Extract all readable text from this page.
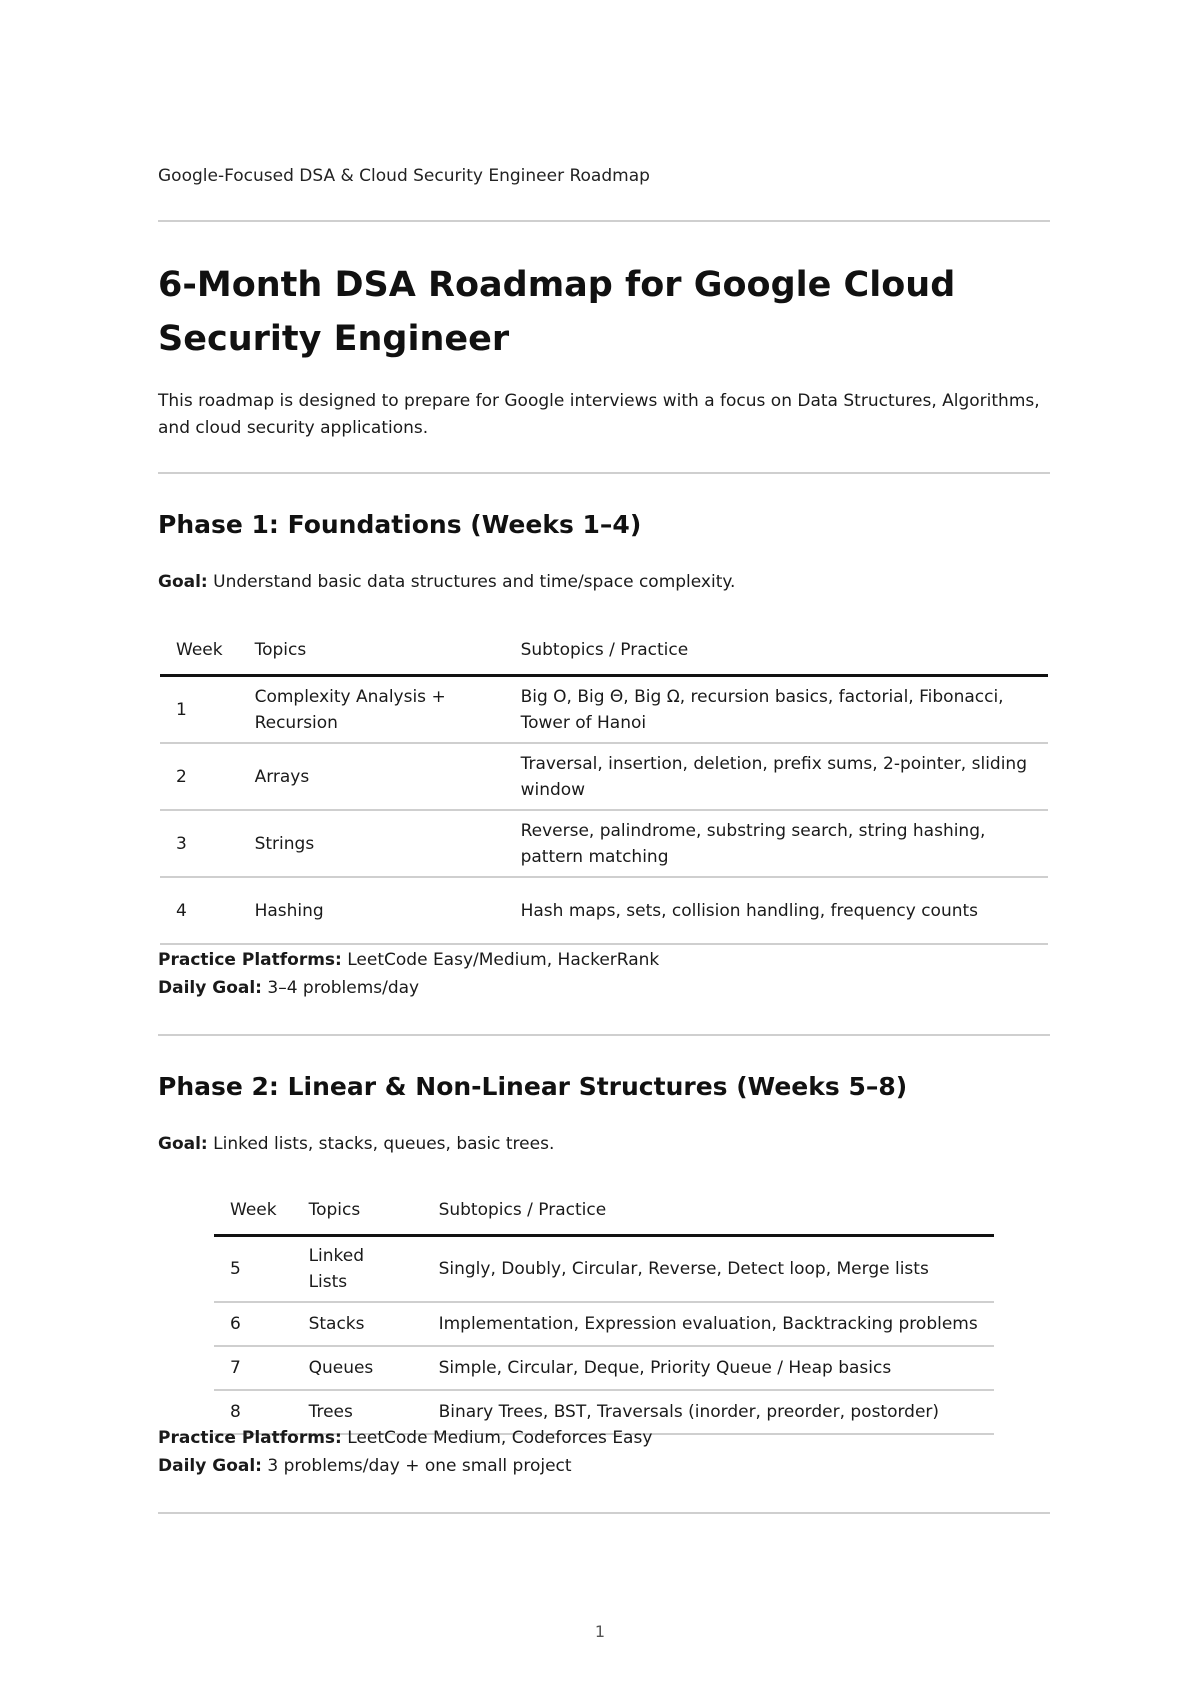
Google-Focused DSA & Cloud Security Engineer Roadmap
6-Month DSA Roadmap for Google Cloud Security Engineer

This roadmap is designed to prepare for Google interviews with a focus on Data Structures, Algorithms, and cloud security applications.

Phase 1: Foundations (Weeks 1–4)

Goal: Understand basic data structures and time/space complexity.

Week	Topics	Subtopics / Practice
1	Complexity Analysis + Recursion	Big O, Big Θ, Big Ω, recursion basics, factorial, Fibonacci, Tower of Hanoi
2	Arrays	Traversal, insertion, deletion, prefix sums, 2-pointer, sliding window
3	Strings	Reverse, palindrome, substring search, string hashing, pattern matching
4	Hashing	Hash maps, sets, collision handling, frequency counts

Practice Platforms: LeetCode Easy/Medium, HackerRank

Daily Goal: 3–4 problems/day

Phase 2: Linear & Non-Linear Structures (Weeks 5–8)

Goal: Linked lists, stacks, queues, basic trees.

Week	Topics	Subtopics / Practice
5	Linked Lists	Singly, Doubly, Circular, Reverse, Detect loop, Merge lists
6	Stacks	Implementation, Expression evaluation, Backtracking problems
7	Queues	Simple, Circular, Deque, Priority Queue / Heap basics
8	Trees	Binary Trees, BST, Traversals (inorder, preorder, postorder)

Practice Platforms: LeetCode Medium, Codeforces Easy

Daily Goal: 3 problems/day + one small project

1
